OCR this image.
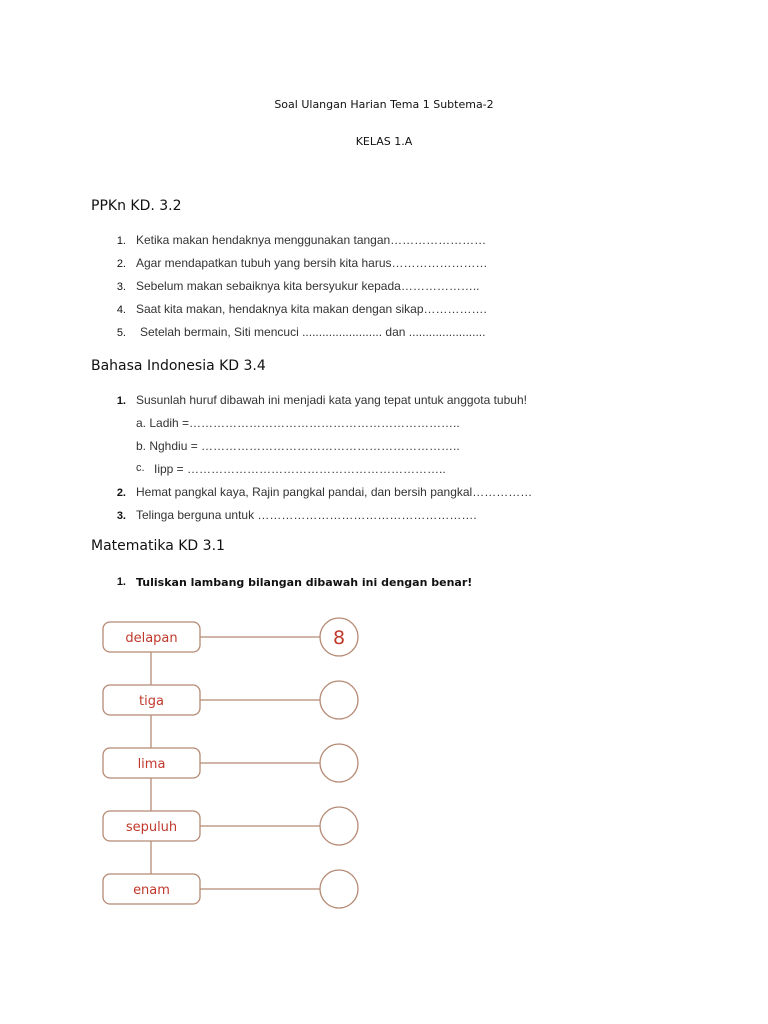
Soal Ulangan Harian Tema 1 Subtema-2
KELAS 1.A
PPKn KD. 3.2
1. Ketika makan hendaknya menggunakan tangan……………………
2. Agar mendapatkan tubuh yang bersih kita harus……………………
3. Sebelum makan sebaiknya kita bersyukur kepada………………..
4. Saat kita makan, hendaknya kita makan dengan sikap…………….
5. Setelah bermain, Siti mencuci ........................ dan .......................
Bahasa Indonesia KD 3.4
1. Susunlah huruf dibawah ini menjadi kata yang tepat untuk anggota tubuh!
a. Ladih =…………………………………………………………..
b. Nghdiu = ………………………………………………………..
c. Iipp = ………………………………………………………..
2. Hemat pangkal kaya, Rajin pangkal pandai, dan bersih pangkal……………
3. Telinga berguna untuk ……………………………………………….
Matematika KD 3.1
1. Tuliskan lambang bilangan dibawah ini dengan benar!
delapan	8
tiga
lima
sepuluh
enam
